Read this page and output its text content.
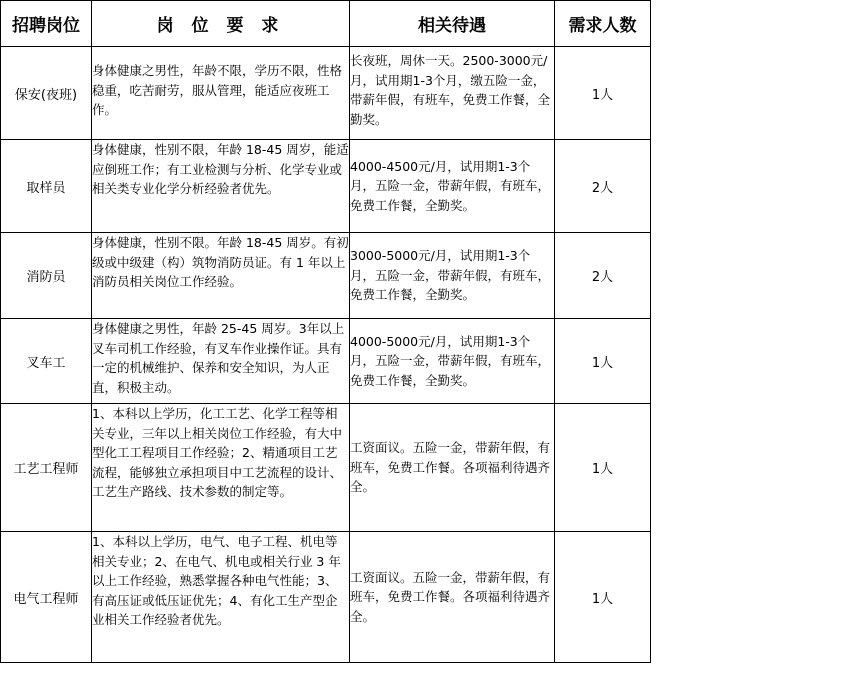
招聘岗位	岗 位 要 求	相关待遇	需求人数
保安(夜班)	身体健康之男性，年龄不限，学历不限，性格稳重，吃苦耐劳，服从管理，能适应夜班工作。	长夜班，周休一天。2500-3000元/月，试用期1-3个月，缴五险一金，带薪年假，有班车，免费工作餐，全勤奖。	1人
取样员	身体健康，性别不限，年龄 18-45 周岁，能适应倒班工作；有工业检测与分析、化学专业或相关类专业化学分析经验者优先。	4000-4500元/月，试用期1-3个月，五险一金，带薪年假，有班车，免费工作餐，全勤奖。	2人
消防员	身体健康，性别不限。年龄 18-45 周岁。有初级或中级建（构）筑物消防员证。有 1 年以上消防员相关岗位工作经验。	3000-5000元/月，试用期1-3个月，五险一金，带薪年假，有班车，免费工作餐，全勤奖。	2人
叉车工	身体健康之男性，年龄 25-45 周岁。3年以上叉车司机工作经验，有叉车作业操作证。具有一定的机械维护、保养和安全知识，为人正直，积极主动。	4000-5000元/月，试用期1-3个月，五险一金，带薪年假，有班车，免费工作餐，全勤奖。	1人
工艺工程师	1、本科以上学历，化工工艺、化学工程等相关专业，三年以上相关岗位工作经验，有大中型化工工程项目工作经验；2、精通项目工艺流程，能够独立承担项目中工艺流程的设计、工艺生产路线、技术参数的制定等。	工资面议。五险一金，带薪年假，有班车，免费工作餐。各项福利待遇齐全。	1人
电气工程师	1、本科以上学历，电气、电子工程、机电等相关专业；2、在电气、机电或相关行业 3 年以上工作经验，熟悉掌握各种电气性能；3、有高压证或低压证优先；4、有化工生产型企业相关工作经验者优先。	工资面议。五险一金，带薪年假，有班车，免费工作餐。各项福利待遇齐全。	1人
